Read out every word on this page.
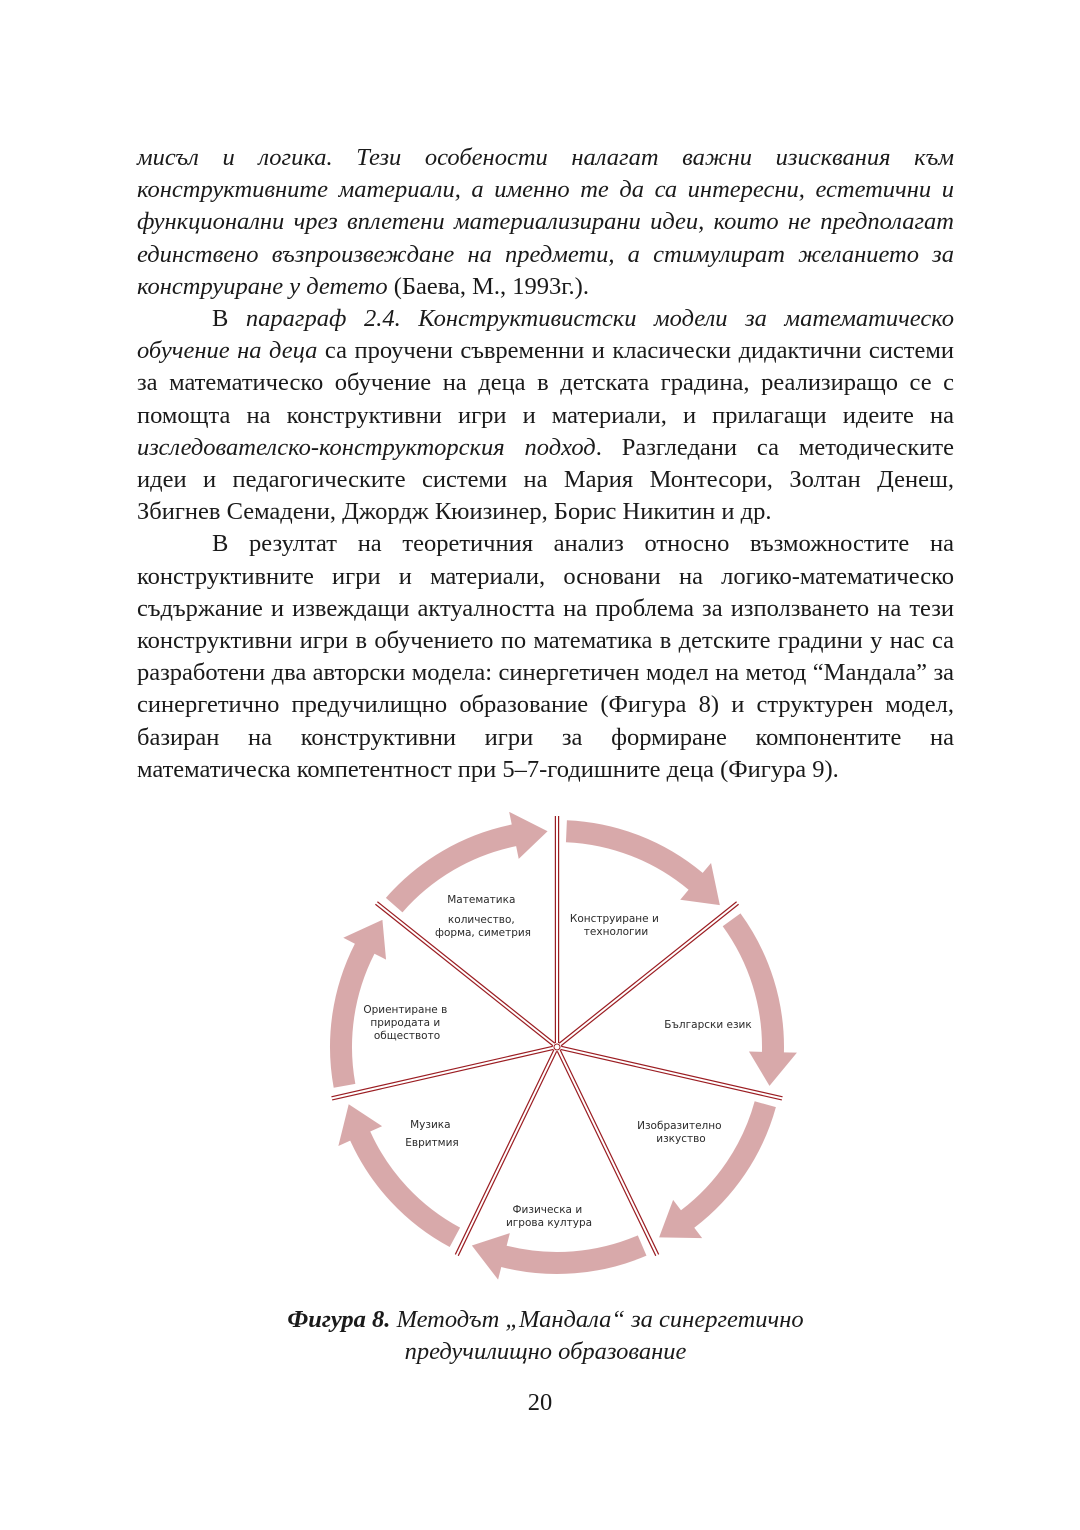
мисъл и логика. Тези особености налагат важни изисквания към конструктивните материали, а именно те да са интересни, естетични и функционални чрез вплетени материализирани идеи, които не предполагат единствено възпроизвеждане на предмети, а стимулират желанието за конструиране у детето (Баева, М., 1993г.).

В параграф 2.4. Конструктивистски модели за математическо обучение на деца са проучени съвременни и класически дидактични системи за математическо обучение на деца в детската градина, реализиращо се с помощта на конструктивни игри и материали, и прилагащи идеите на изследователско-конструкторския подход. Разгледани са методическите идеи и педагогическите системи на Мария Монтесори, Золтан Денеш, Збигнев Семадени, Джордж Кюизинер, Борис Никитин и др.

В резултат на теоретичния анализ относно възможностите на конструктивните игри и материали, основани на логико-математическо съдържание и извеждащи актуалността на проблема за използването на тези конструктивни игри в обучението по математика в детските градини у нас са разработени два авторски модела: синергетичен модел на метод “Мандала” за синергетично предучилищно образование (Фигура 8) и структурен модел, базиран на конструктивни игри за формиране компонентите на математическа компетентност при 5–7-годишните деца (Фигура 9).

Математика количество, форма, симетрия
Конструиране и технологии
Български език
Изобразително изкуство
Физическа и игрова култура
Музика Евритмия
Ориентиране в природата и обществото
Фигура 8. Методът „Мандала“ за синергетично
предучилищно образование
20
